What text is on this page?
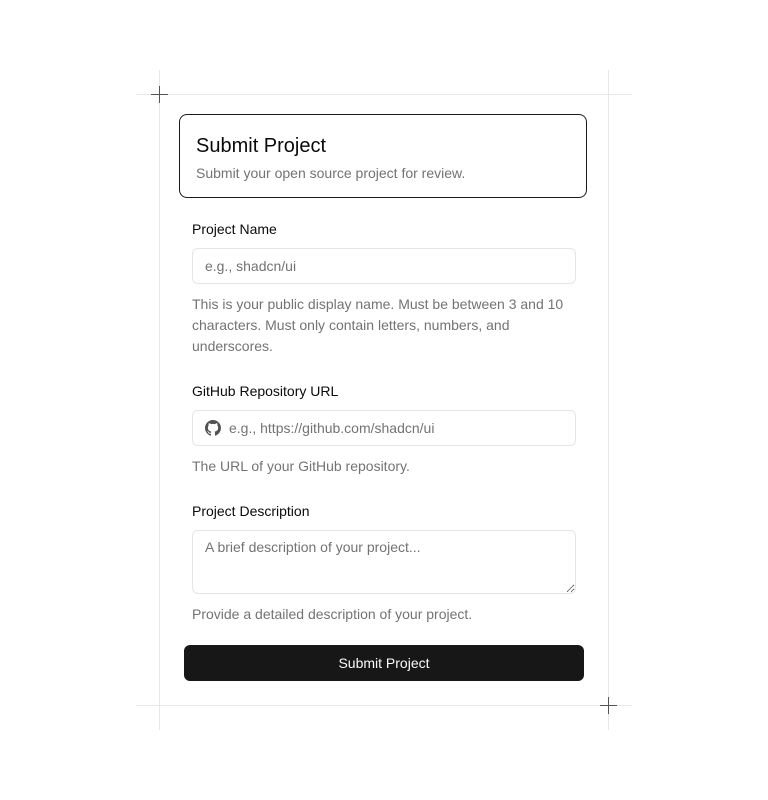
Submit Project
Submit your open source project for review.
Project Name
e.g., shadcn/ui
This is your public display name. Must be between 3 and 10 characters. Must only contain letters, numbers, and underscores.
GitHub Repository URL
e.g., https://github.com/shadcn/ui
The URL of your GitHub repository.
Project Description
A brief description of your project...
Provide a detailed description of your project.
Submit Project
